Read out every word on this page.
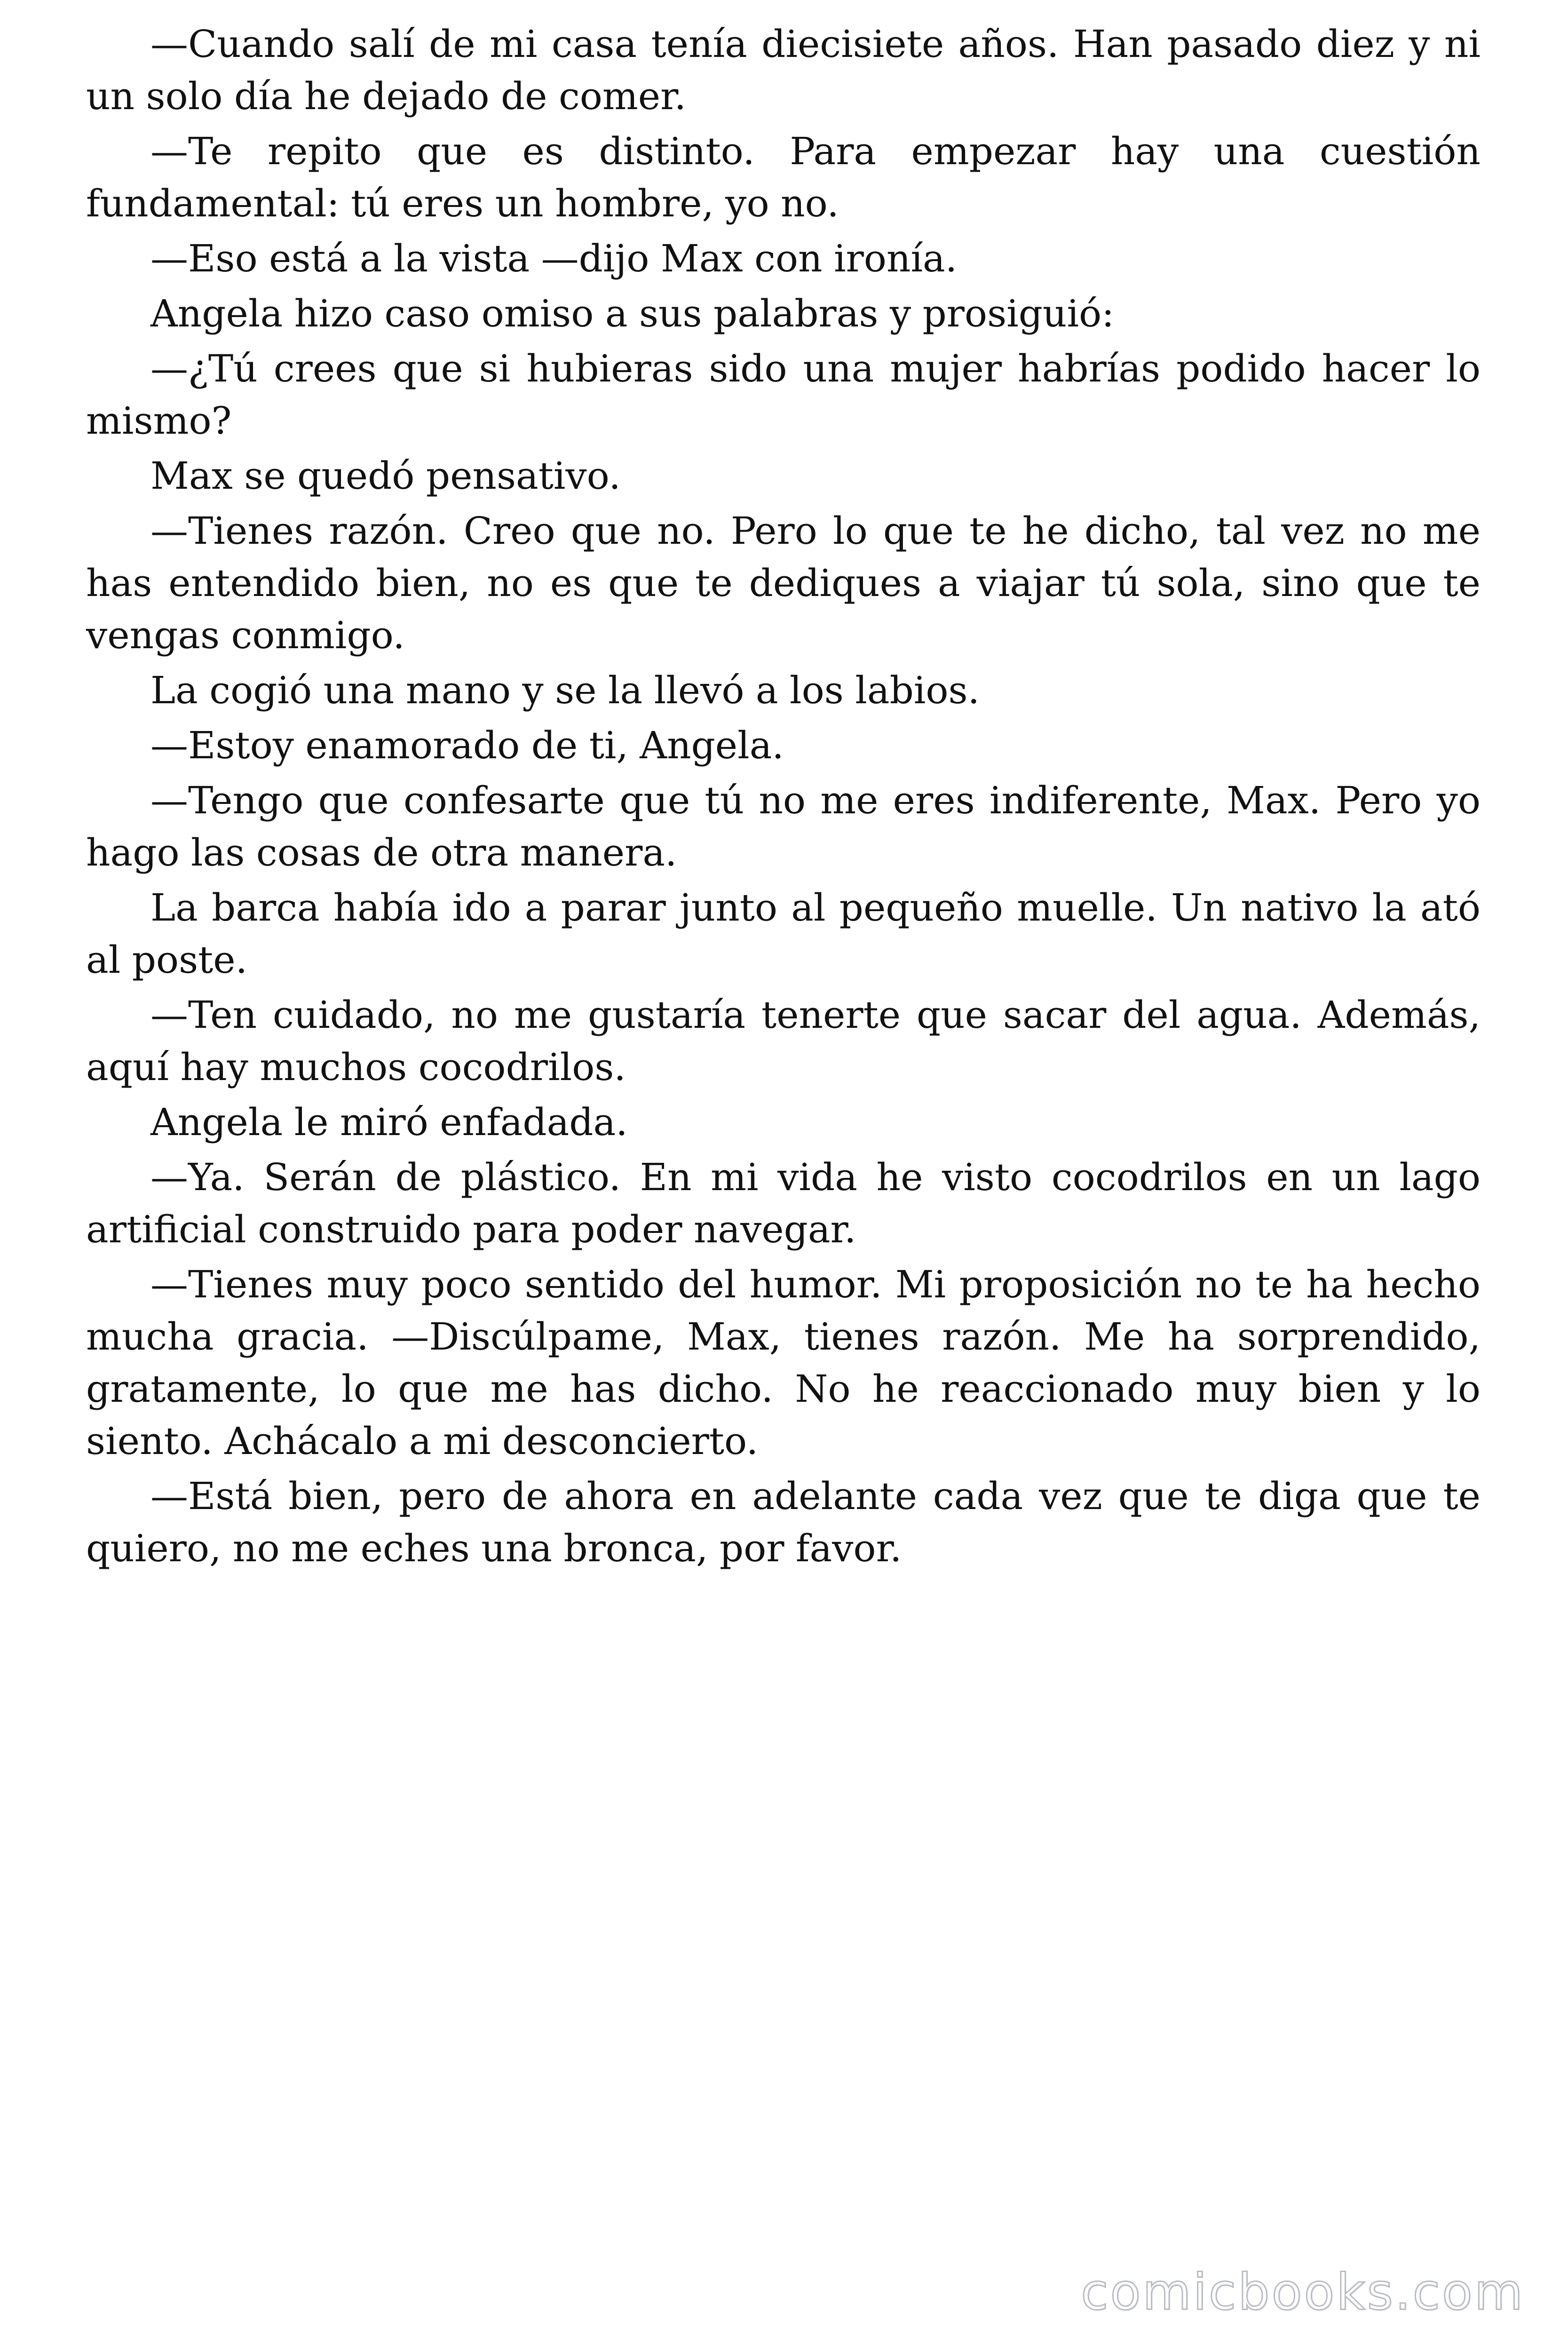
—Cuando salí de mi casa tenía diecisiete años. Han pasado diez y ni un solo día he dejado de comer.

—Te repito que es distinto. Para empezar hay una cuestión fundamental: tú eres un hombre, yo no.

—Eso está a la vista —dijo Max con ironía.

Angela hizo caso omiso a sus palabras y prosiguió:

—¿Tú crees que si hubieras sido una mujer habrías podido hacer lo mismo?

Max se quedó pensativo.

—Tienes razón. Creo que no. Pero lo que te he dicho, tal vez no me has entendido bien, no es que te dediques a viajar tú sola, sino que te vengas conmigo.

La cogió una mano y se la llevó a los labios.

—Estoy enamorado de ti, Angela.

—Tengo que confesarte que tú no me eres indiferente, Max. Pero yo hago las cosas de otra manera.

La barca había ido a parar junto al pequeño muelle. Un nativo la ató al poste.

—Ten cuidado, no me gustaría tenerte que sacar del agua. Además, aquí hay muchos cocodrilos.

Angela le miró enfadada.

—Ya. Serán de plástico. En mi vida he visto cocodrilos en un lago artificial construido para poder navegar.

—Tienes muy poco sentido del humor. Mi proposición no te ha hecho mucha gracia. —Discúlpame, Max, tienes razón. Me ha sorprendido, gratamente, lo que me has dicho. No he reaccionado muy bien y lo siento. Achácalo a mi desconcierto.

—Está bien, pero de ahora en adelante cada vez que te diga que te quiero, no me eches una bronca, por favor.

comicbooks.com
